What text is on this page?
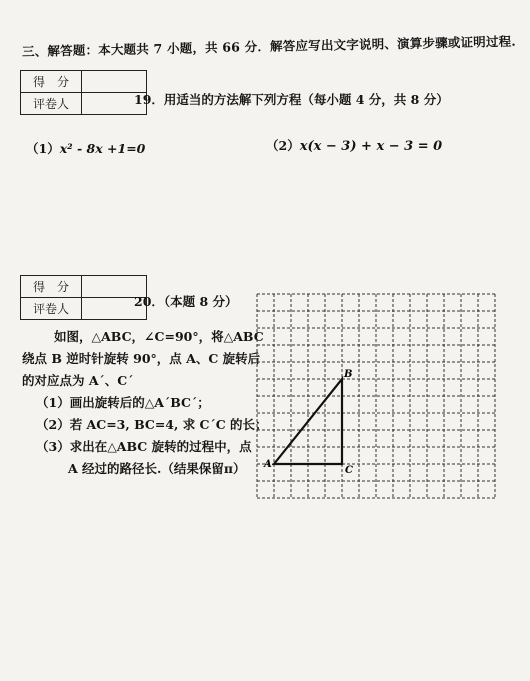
三、解答题：本大题共 7 小题，共 66 分．解答应写出文字说明、演算步骤或证明过程.
得　分	
评卷人		19．用适当的方法解下列方程（每小题 4 分，共 8 分）
（1）x² - 8x +1=0	（2）x(x − 3) + x − 3 = 0
得　分	
评卷人		20．（本题 8 分）
如图，△ABC，∠C=90°，将△ABC
绕点 B 逆时针旋转 90°，点 A、C 旋转后
的对应点为 A´、C´
（1）画出旋转后的△A´BC´；
（2）若 AC=3, BC=4, 求 C´C 的长；
（3）求出在△ABC 旋转的过程中，点
A 经过的路径长.（结果保留π）	A
B
C
